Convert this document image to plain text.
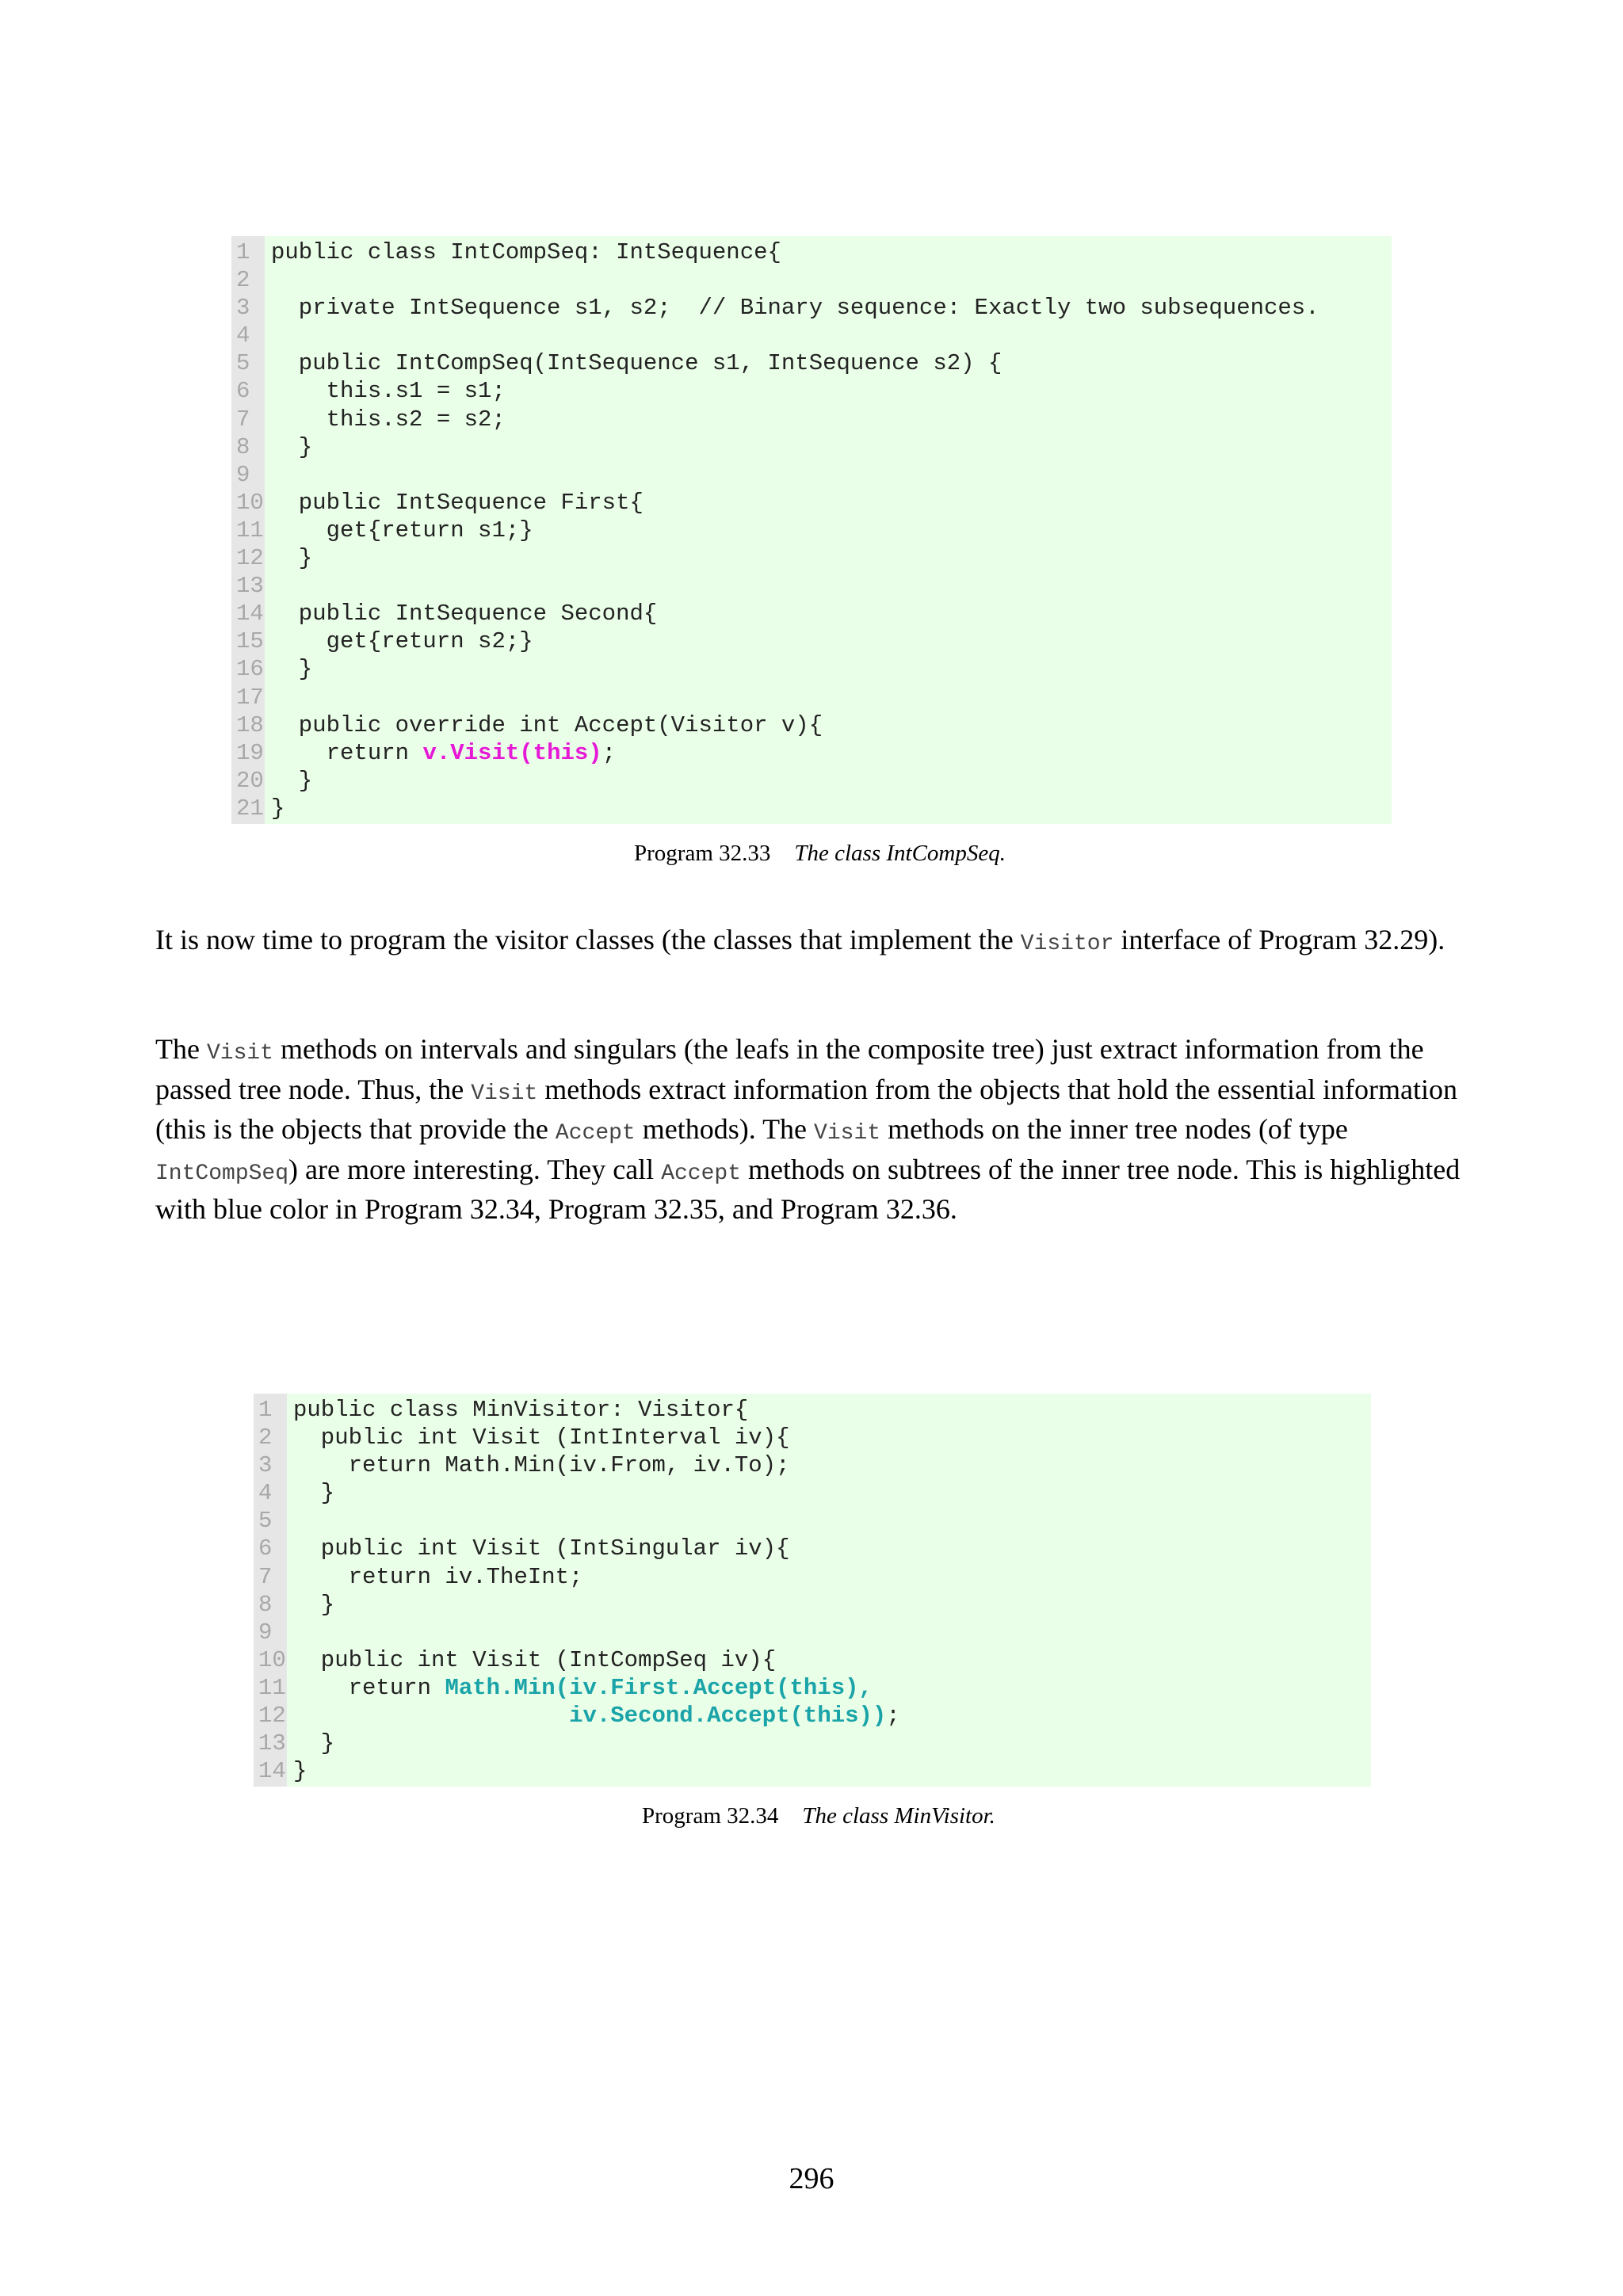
1
2
3
4
5
6
7
8
9
10
11
12
13
14
15
16
17
18
19
20
21
public class IntCompSeq: IntSequence{
private IntSequence s1, s2;  // Binary sequence: Exactly two subsequences.
public IntCompSeq(IntSequence s1, IntSequence s2) {
this.s1 = s1;
this.s2 = s2;
}
public IntSequence First{
get{return s1;}
}
public IntSequence Second{
get{return s2;}
}
public override int Accept(Visitor v){
return v.Visit(this);
}
}
Program 32.33 The class IntCompSeq.

It is now time to program the visitor classes (the classes that implement the Visitor interface of Program 32.29).

The Visit methods on intervals and singulars (the leafs in the composite tree) just extract information from the passed tree node. Thus, the Visit methods extract information from the objects that hold the essential information (this is the objects that provide the Accept methods). The Visit methods on the inner tree nodes (of type IntCompSeq) are more interesting. They call Accept methods on subtrees of the inner tree node. This is highlighted with blue color in Program 32.34, Program 32.35, and Program 32.36.

1
2
3
4
5
6
7
8
9
10
11
12
13
14
public class MinVisitor: Visitor{
public int Visit (IntInterval iv){
return Math.Min(iv.From, iv.To);
}
public int Visit (IntSingular iv){
return iv.TheInt;
}
public int Visit (IntCompSeq iv){
return Math.Min(iv.First.Accept(this),
iv.Second.Accept(this));
}
}
Program 32.34 The class MinVisitor.
296
